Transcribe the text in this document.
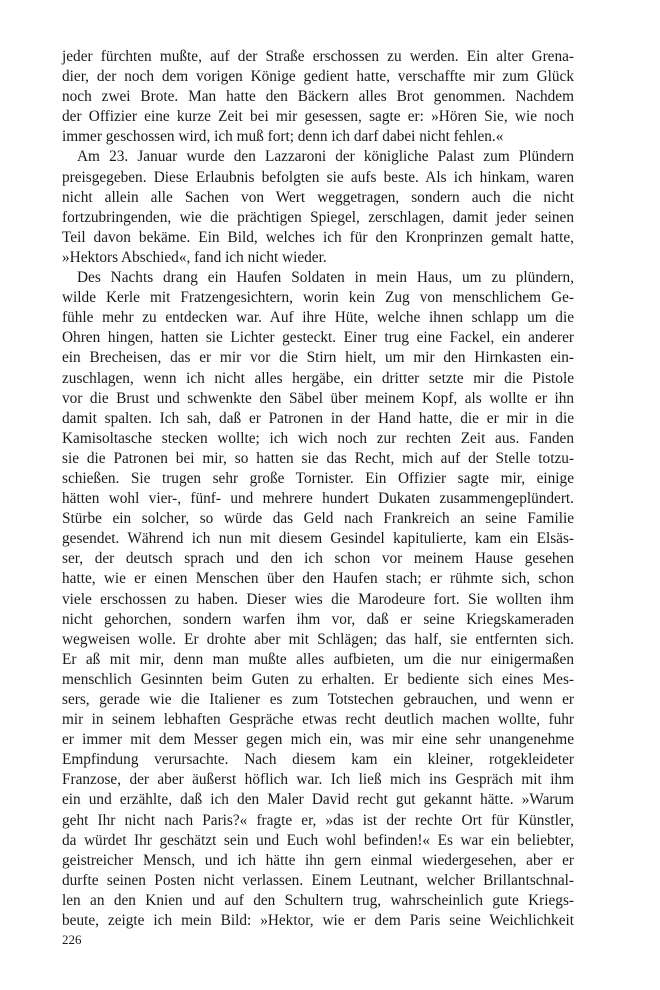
jeder fürchten mußte, auf der Straße erschossen zu werden. Ein alter Grena-
dier, der noch dem vorigen Könige gedient hatte, verschaffte mir zum Glück
noch zwei Brote. Man hatte den Bäckern alles Brot genommen. Nachdem
der Offizier eine kurze Zeit bei mir gesessen, sagte er: »Hören Sie, wie noch
immer geschossen wird, ich muß fort; denn ich darf dabei nicht fehlen.«
Am 23. Januar wurde den Lazzaroni der königliche Palast zum Plündern
preisgegeben. Diese Erlaubnis befolgten sie aufs beste. Als ich hinkam, waren
nicht allein alle Sachen von Wert weggetragen, sondern auch die nicht
fortzubringenden, wie die prächtigen Spiegel, zerschlagen, damit jeder seinen
Teil davon bekäme. Ein Bild, welches ich für den Kronprinzen gemalt hatte,
»Hektors Abschied«, fand ich nicht wieder.
Des Nachts drang ein Haufen Soldaten in mein Haus, um zu plündern,
wilde Kerle mit Fratzengesichtern, worin kein Zug von menschlichem Ge-
fühle mehr zu entdecken war. Auf ihre Hüte, welche ihnen schlapp um die
Ohren hingen, hatten sie Lichter gesteckt. Einer trug eine Fackel, ein anderer
ein Brecheisen, das er mir vor die Stirn hielt, um mir den Hirnkasten ein-
zuschlagen, wenn ich nicht alles hergäbe, ein dritter setzte mir die Pistole
vor die Brust und schwenkte den Säbel über meinem Kopf, als wollte er ihn
damit spalten. Ich sah, daß er Patronen in der Hand hatte, die er mir in die
Kamisoltasche stecken wollte; ich wich noch zur rechten Zeit aus. Fanden
sie die Patronen bei mir, so hatten sie das Recht, mich auf der Stelle totzu-
schießen. Sie trugen sehr große Tornister. Ein Offizier sagte mir, einige
hätten wohl vier-, fünf- und mehrere hundert Dukaten zusammengeplündert.
Stürbe ein solcher, so würde das Geld nach Frankreich an seine Familie
gesendet. Während ich nun mit diesem Gesindel kapitulierte, kam ein Elsäs-
ser, der deutsch sprach und den ich schon vor meinem Hause gesehen
hatte, wie er einen Menschen über den Haufen stach; er rühmte sich, schon
viele erschossen zu haben. Dieser wies die Marodeure fort. Sie wollten ihm
nicht gehorchen, sondern warfen ihm vor, daß er seine Kriegskameraden
wegweisen wolle. Er drohte aber mit Schlägen; das half, sie entfernten sich.
Er aß mit mir, denn man mußte alles aufbieten, um die nur einigermaßen
menschlich Gesinnten beim Guten zu erhalten. Er bediente sich eines Mes-
sers, gerade wie die Italiener es zum Totstechen gebrauchen, und wenn er
mir in seinem lebhaften Gespräche etwas recht deutlich machen wollte, fuhr
er immer mit dem Messer gegen mich ein, was mir eine sehr unangenehme
Empfindung verursachte. Nach diesem kam ein kleiner, rotgekleideter
Franzose, der aber äußerst höflich war. Ich ließ mich ins Gespräch mit ihm
ein und erzählte, daß ich den Maler David recht gut gekannt hätte. »Warum
geht Ihr nicht nach Paris?« fragte er, »das ist der rechte Ort für Künstler,
da würdet Ihr geschätzt sein und Euch wohl befinden!« Es war ein beliebter,
geistreicher Mensch, und ich hätte ihn gern einmal wiedergesehen, aber er
durfte seinen Posten nicht verlassen. Einem Leutnant, welcher Brillantschnal-
len an den Knien und auf den Schultern trug, wahrscheinlich gute Kriegs-
beute, zeigte ich mein Bild: »Hektor, wie er dem Paris seine Weichlichkeit
226
